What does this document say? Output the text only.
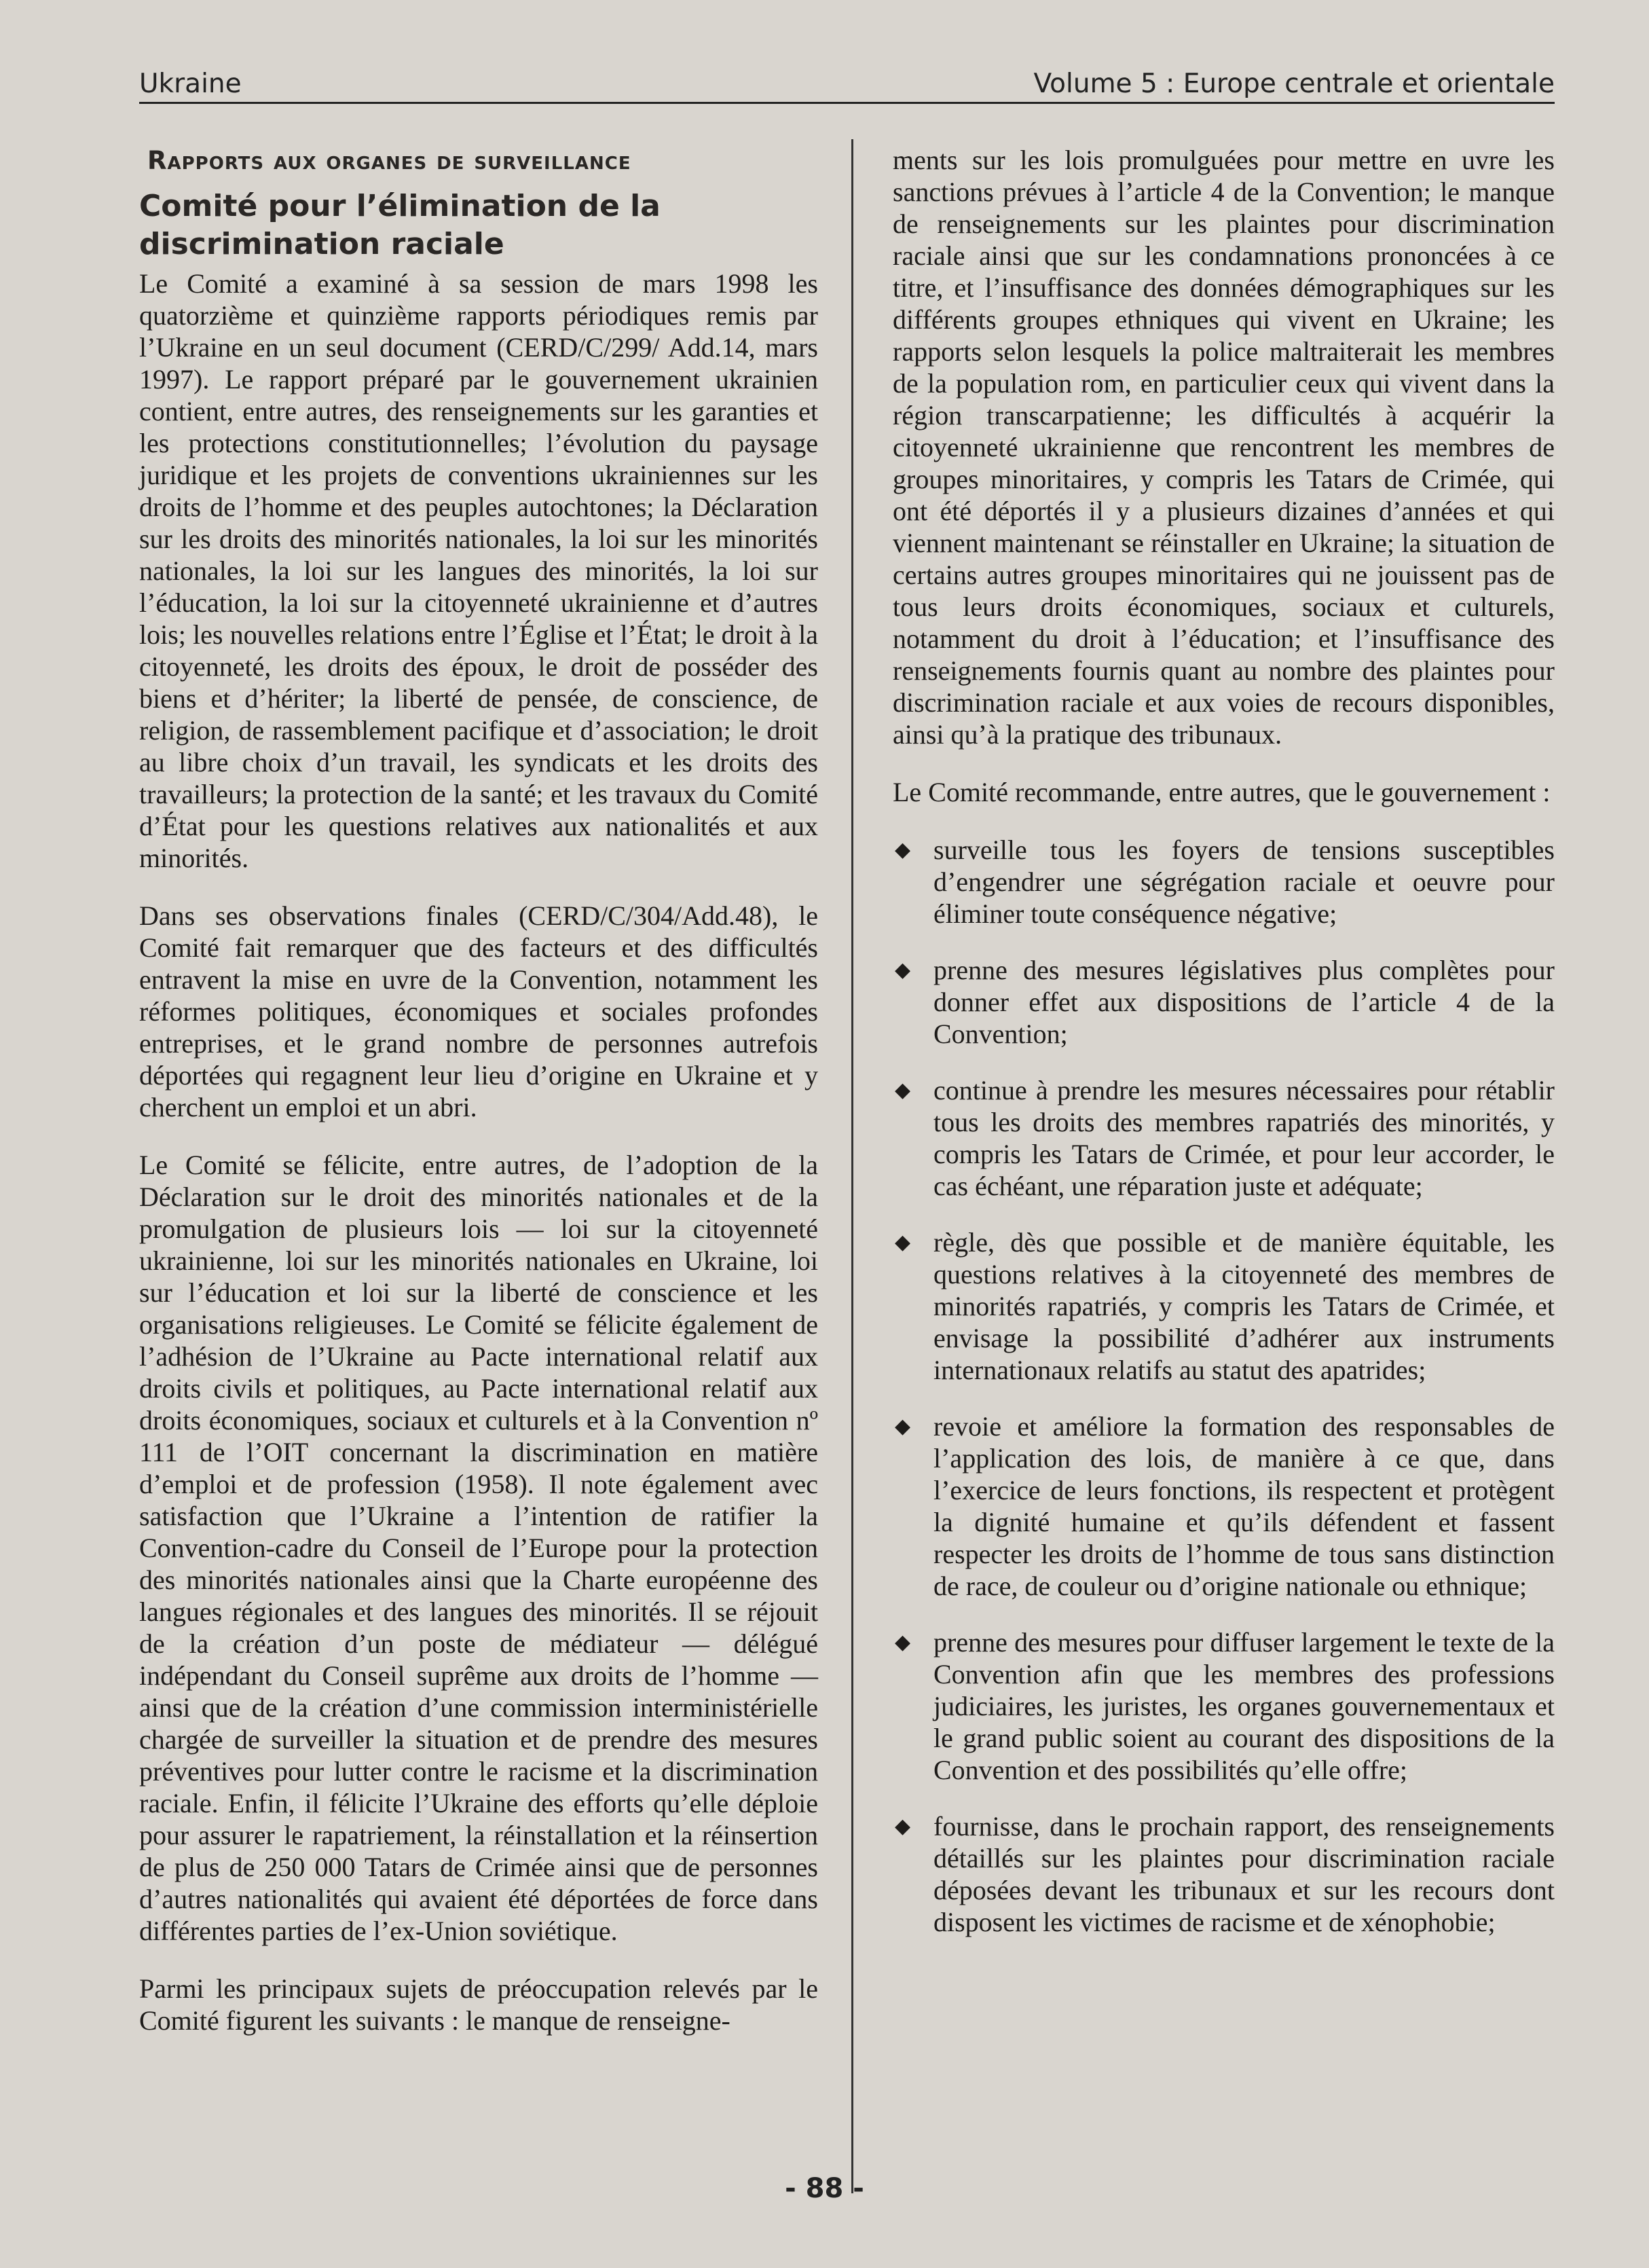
Ukraine	Volume 5 : Europe centrale et orientale
Rapports aux organes de surveillance
Comité pour l’élimination de la discrimination raciale

Le Comité a examiné à sa session de mars 1998 les quatorzième et quinzième rapports périodiques remis par l’Ukraine en un seul document (CERD/C/299/ Add.14, mars 1997). Le rapport préparé par le gouvernement ukrainien contient, entre autres, des renseignements sur les garanties et les protections constitutionnelles; l’évolution du paysage juridique et les projets de conventions ukrainiennes sur les droits de l’homme et des peuples autochtones; la Déclaration sur les droits des minorités nationales, la loi sur les minorités nationales, la loi sur les langues des minorités, la loi sur l’éducation, la loi sur la citoyenneté ukrainienne et d’autres lois; les nouvelles relations entre l’Église et l’État; le droit à la citoyenneté, les droits des époux, le droit de posséder des biens et d’hériter; la liberté de pensée, de conscience, de religion, de rassemblement pacifique et d’association; le droit au libre choix d’un travail, les syndicats et les droits des travailleurs; la protection de la santé; et les travaux du Comité d’État pour les questions relatives aux nationalités et aux minorités.

Dans ses observations finales (CERD/C/304/Add.48), le Comité fait remarquer que des facteurs et des difficultés entravent la mise en uvre de la Convention, notamment les réformes politiques, économiques et sociales profondes entreprises, et le grand nombre de personnes autrefois déportées qui regagnent leur lieu d’origine en Ukraine et y cherchent un emploi et un abri.

Le Comité se félicite, entre autres, de l’adoption de la Déclaration sur le droit des minorités nationales et de la promulgation de plusieurs lois — loi sur la citoyenneté ukrainienne, loi sur les minorités nationales en Ukraine, loi sur l’éducation et loi sur la liberté de conscience et les organisations religieuses. Le Comité se félicite également de l’adhésion de l’Ukraine au Pacte international relatif aux droits civils et politiques, au Pacte international relatif aux droits économiques, sociaux et culturels et à la Convention nº 111 de l’OIT concernant la discrimination en matière d’emploi et de profession (1958). Il note également avec satisfaction que l’Ukraine a l’intention de ratifier la Convention-cadre du Conseil de l’Europe pour la protection des minorités nationales ainsi que la Charte européenne des langues régionales et des langues des minorités. Il se réjouit de la création d’un poste de médiateur — délégué indépendant du Conseil suprême aux droits de l’homme — ainsi que de la création d’une commission interministérielle chargée de surveiller la situation et de prendre des mesures préventives pour lutter contre le racisme et la discrimination raciale. Enfin, il félicite l’Ukraine des efforts qu’elle déploie pour assurer le rapatriement, la réinstallation et la réinsertion de plus de 250 000 Tatars de Crimée ainsi que de personnes d’autres nationalités qui avaient été déportées de force dans différentes parties de l’ex-Union soviétique.

Parmi les principaux sujets de préoccupation relevés par le Comité figurent les suivants : le manque de renseigne-

ments sur les lois promulguées pour mettre en uvre les sanctions prévues à l’article 4 de la Convention; le manque de renseignements sur les plaintes pour discrimination raciale ainsi que sur les condamnations prononcées à ce titre, et l’insuffisance des données démographiques sur les différents groupes ethniques qui vivent en Ukraine; les rapports selon lesquels la police maltraiterait les membres de la population rom, en particulier ceux qui vivent dans la région transcarpatienne; les difficultés à acquérir la citoyenneté ukrainienne que rencontrent les membres de groupes minoritaires, y compris les Tatars de Crimée, qui ont été déportés il y a plusieurs dizaines d’années et qui viennent maintenant se réinstaller en Ukraine; la situation de certains autres groupes minoritaires qui ne jouissent pas de tous leurs droits économiques, sociaux et culturels, notamment du droit à l’éducation; et l’insuffisance des renseignements fournis quant au nombre des plaintes pour discrimination raciale et aux voies de recours disponibles, ainsi qu’à la pratique des tribunaux.

Le Comité recommande, entre autres, que le gouvernement :

◆ surveille tous les foyers de tensions susceptibles d’engendrer une ségrégation raciale et oeuvre pour éliminer toute conséquence négative;
◆ prenne des mesures législatives plus complètes pour donner effet aux dispositions de l’article 4 de la Convention;
◆ continue à prendre les mesures nécessaires pour rétablir tous les droits des membres rapatriés des minorités, y compris les Tatars de Crimée, et pour leur accorder, le cas échéant, une réparation juste et adéquate;
◆ règle, dès que possible et de manière équitable, les questions relatives à la citoyenneté des membres de minorités rapatriés, y compris les Tatars de Crimée, et envisage la possibilité d’adhérer aux instruments internationaux relatifs au statut des apatrides;
◆ revoie et améliore la formation des responsables de l’application des lois, de manière à ce que, dans l’exercice de leurs fonctions, ils respectent et protègent la dignité humaine et qu’ils défendent et fassent respecter les droits de l’homme de tous sans distinction de race, de couleur ou d’origine nationale ou ethnique;
◆ prenne des mesures pour diffuser largement le texte de la Convention afin que les membres des professions judiciaires, les juristes, les organes gouvernementaux et le grand public soient au courant des dispositions de la Convention et des possibilités qu’elle offre;
◆ fournisse, dans le prochain rapport, des renseignements détaillés sur les plaintes pour discrimination raciale déposées devant les tribunaux et sur les recours dont disposent les victimes de racisme et de xénophobie;
- 88 -
